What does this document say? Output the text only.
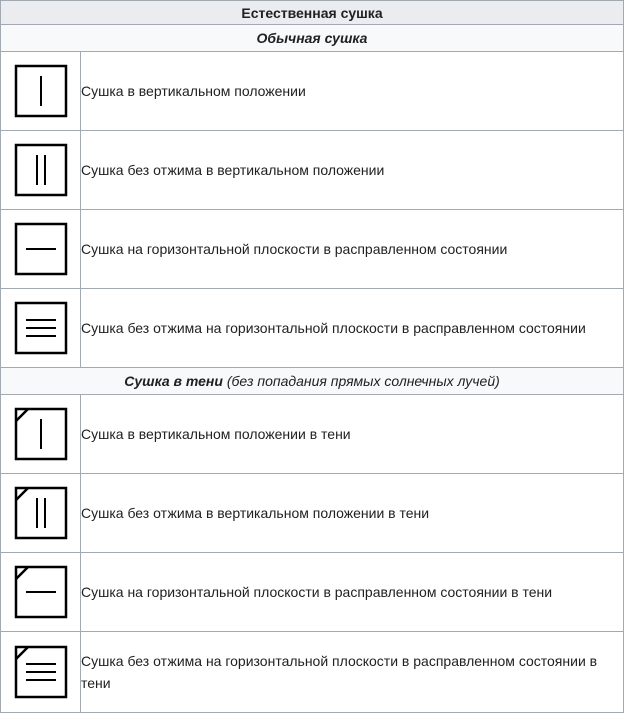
Естественная сушка	
Обычная сушка	

	Сушка в вертикальном положении

	Сушка без отжима в вертикальном положении

	Сушка на горизонтальной плоскости в расправленном состоянии

	Сушка без отжима на горизонтальной плоскости в расправленном состоянии
Сушка в тени (без попадания прямых солнечных лучей)	

	Сушка в вертикальном положении в тени

	Сушка без отжима в вертикальном положении в тени

	Сушка на горизонтальной плоскости в расправленном состоянии в тени

	Сушка без отжима на горизонтальной плоскости в расправленном состоянии в тени
